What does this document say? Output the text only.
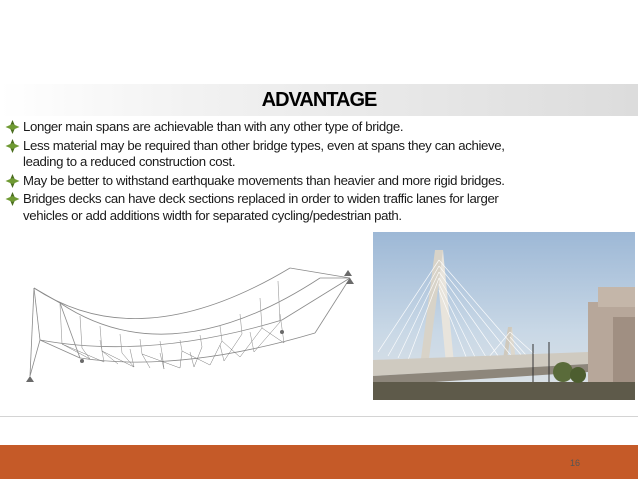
ADVANTAGE
Longer main spans are achievable than with any other type of bridge.
Less material may be required than other bridge types, even at spans they can achieve,
leading to a reduced construction cost.
May be better to withstand earthquake movements than heavier and more rigid bridges.
Bridges decks can have deck sections replaced in order to widen traffic lanes for larger
vehicles or add additions width for separated cycling/pedestrian path.
16
